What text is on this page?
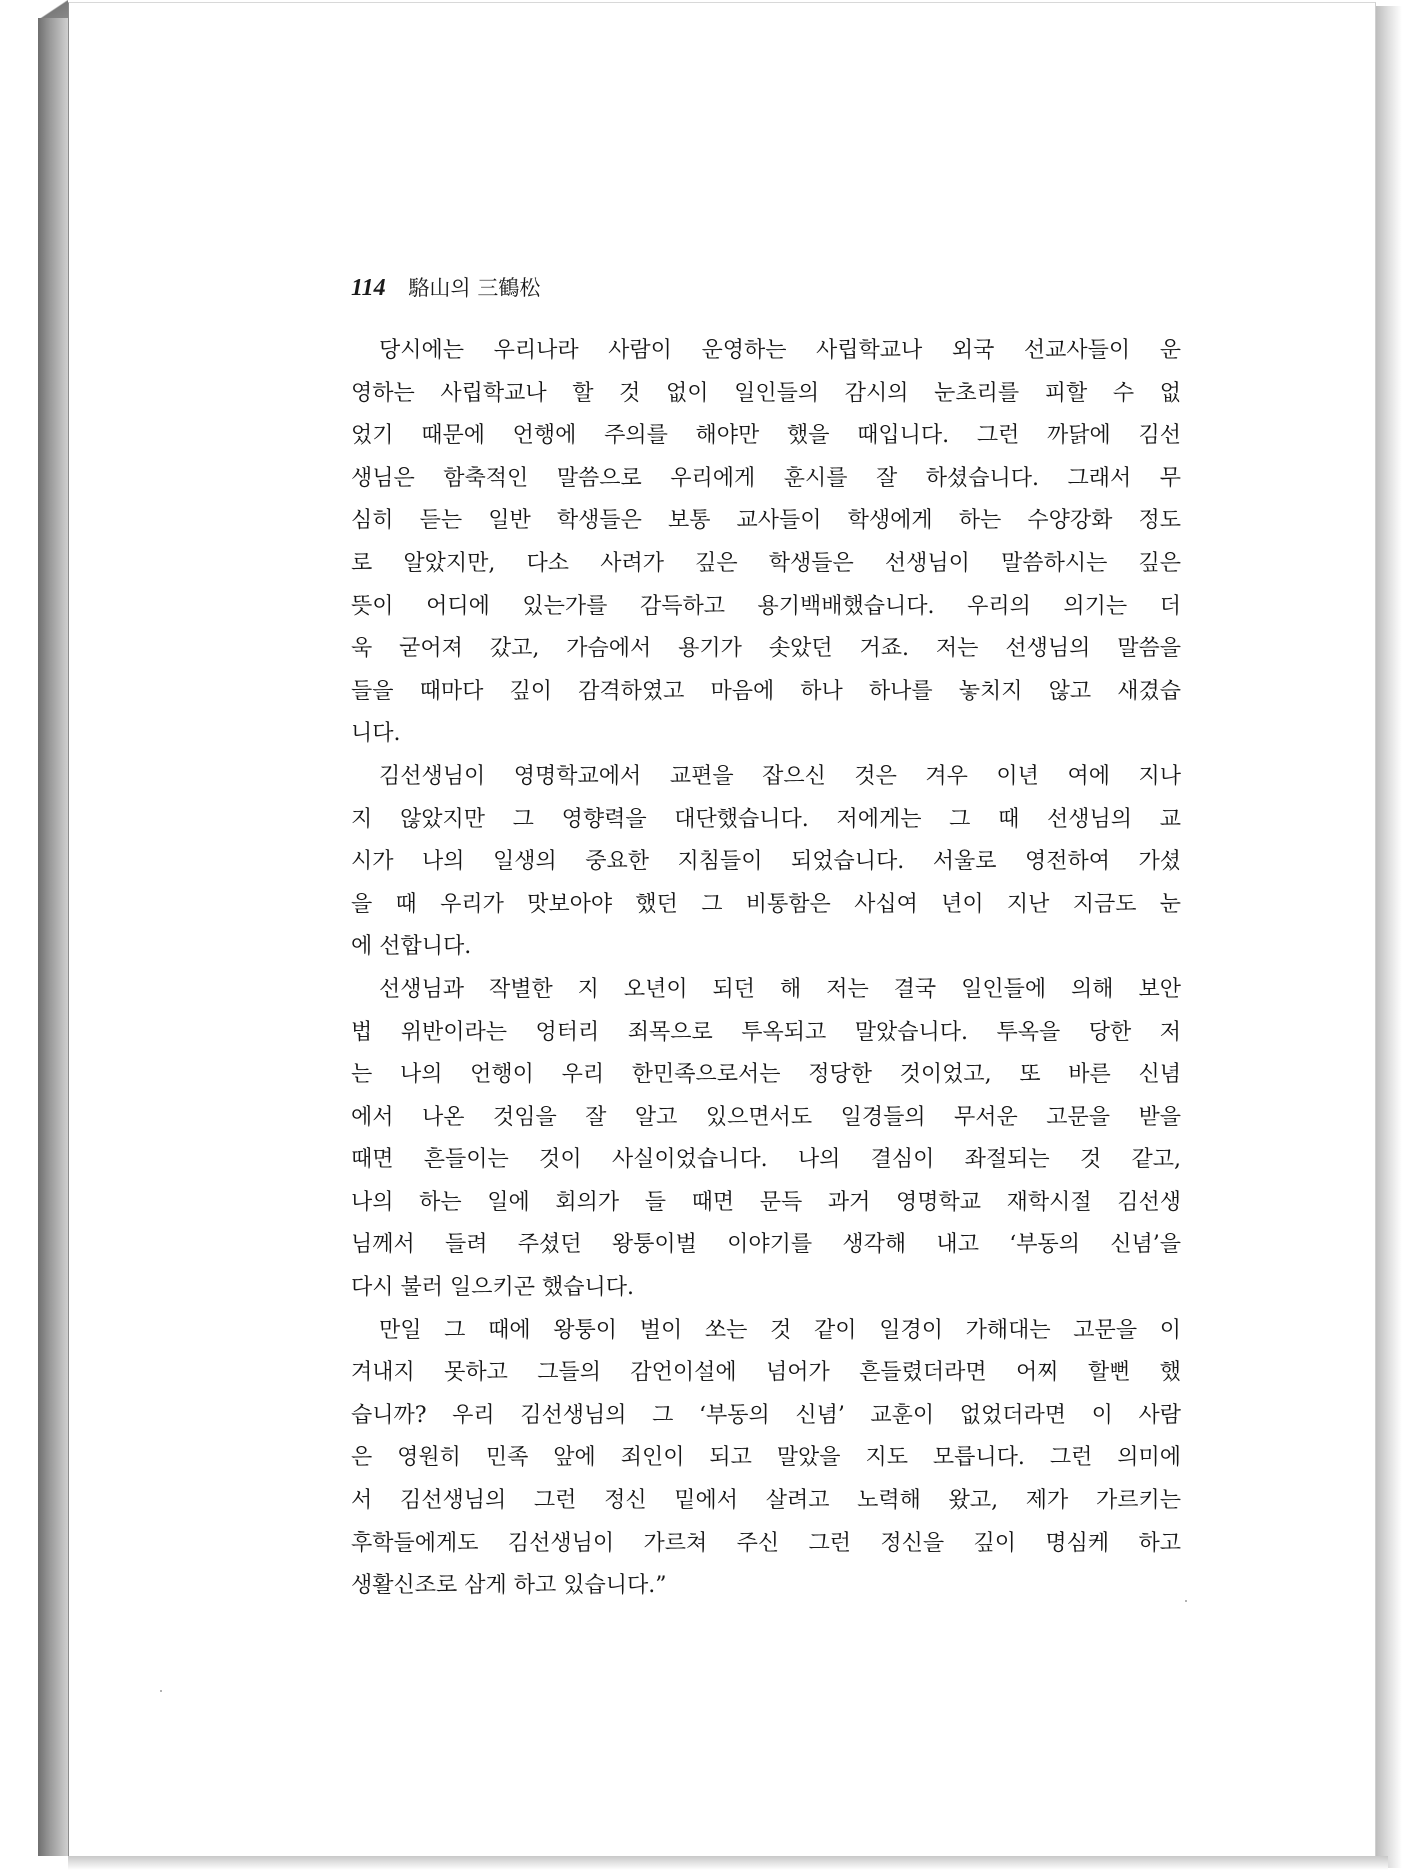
114 駱山의 三鶴松
당시에는 우리나라 사람이 운영하는 사립학교나 외국 선교사들이 운
영하는 사립학교나 할 것 없이 일인들의 감시의 눈초리를 피할 수 없
었기 때문에 언행에 주의를 해야만 했을 때입니다. 그런 까닭에 김선
생님은 함축적인 말씀으로 우리에게 훈시를 잘 하셨습니다. 그래서 무
심히 듣는 일반 학생들은 보통 교사들이 학생에게 하는 수양강화 정도
로 알았지만, 다소 사려가 깊은 학생들은 선생님이 말씀하시는 깊은
뜻이 어디에 있는가를 감득하고 용기백배했습니다. 우리의 의기는 더
욱 굳어져 갔고, 가슴에서 용기가 솟았던 거죠. 저는 선생님의 말씀을
들을 때마다 깊이 감격하였고 마음에 하나 하나를 놓치지 않고 새겼습
니다.
김선생님이 영명학교에서 교편을 잡으신 것은 겨우 이년 여에 지나
지 않았지만 그 영향력을 대단했습니다. 저에게는 그 때 선생님의 교
시가 나의 일생의 중요한 지침들이 되었습니다. 서울로 영전하여 가셨
을 때 우리가 맛보아야 했던 그 비통함은 사십여 년이 지난 지금도 눈
에 선합니다.
선생님과 작별한 지 오년이 되던 해 저는 결국 일인들에 의해 보안
법 위반이라는 엉터리 죄목으로 투옥되고 말았습니다. 투옥을 당한 저
는 나의 언행이 우리 한민족으로서는 정당한 것이었고, 또 바른 신념
에서 나온 것임을 잘 알고 있으면서도 일경들의 무서운 고문을 받을
때면 흔들이는 것이 사실이었습니다. 나의 결심이 좌절되는 것 같고,
나의 하는 일에 회의가 들 때면 문득 과거 영명학교 재학시절 김선생
님께서 들려 주셨던 왕퉁이벌 이야기를 생각해 내고 ‘부동의 신념’을
다시 불러 일으키곤 했습니다.
만일 그 때에 왕퉁이 벌이 쏘는 것 같이 일경이 가해대는 고문을 이
겨내지 못하고 그들의 감언이설에 넘어가 흔들렸더라면 어찌 할뻔 했
습니까? 우리 김선생님의 그 ‘부동의 신념’ 교훈이 없었더라면 이 사람
은 영원히 민족 앞에 죄인이 되고 말았을 지도 모릅니다. 그런 의미에
서 김선생님의 그런 정신 밑에서 살려고 노력해 왔고, 제가 가르키는
후학들에게도 김선생님이 가르쳐 주신 그런 정신을 깊이 명심케 하고
생활신조로 삼게 하고 있습니다.”
